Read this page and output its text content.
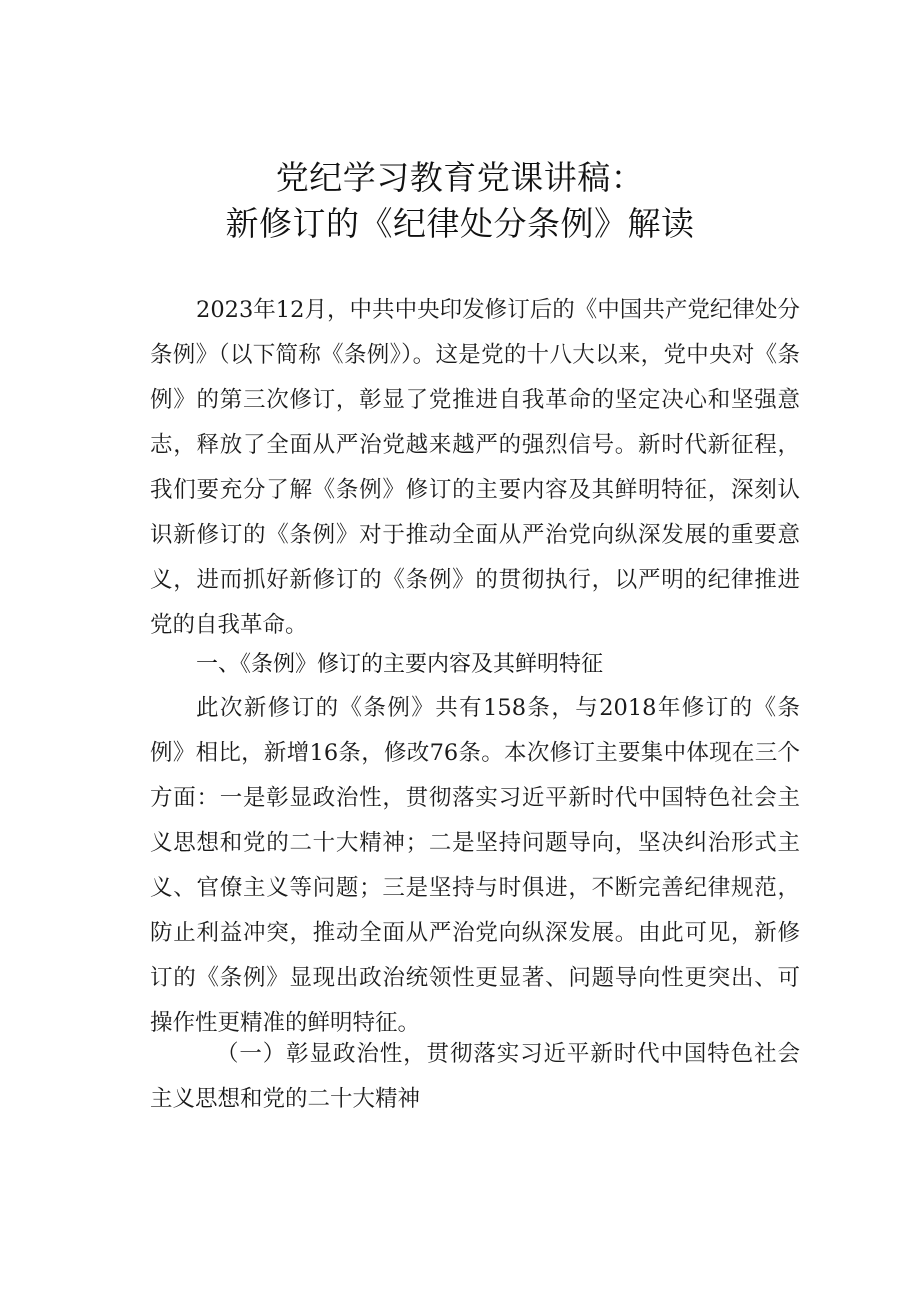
党纪学习教育党课讲稿：
新修订的《纪律处分条例》解读
2023年12月，中共中央印发修订后的《中国共产党纪律处分条例》（以下简称《条例》）。这是党的十八大以来，党中央对《条例》的第三次修订，彰显了党推进自我革命的坚定决心和坚强意志，释放了全面从严治党越来越严的强烈信号。新时代新征程，我们要充分了解《条例》修订的主要内容及其鲜明特征，深刻认识新修订的《条例》对于推动全面从严治党向纵深发展的重要意义，进而抓好新修订的《条例》的贯彻执行，以严明的纪律推进党的自我革命。
一、《条例》修订的主要内容及其鲜明特征
此次新修订的《条例》共有158条，与2018年修订的《条例》相比，新增16条，修改76条。本次修订主要集中体现在三个方面：一是彰显政治性，贯彻落实习近平新时代中国特色社会主义思想和党的二十大精神；二是坚持问题导向，坚决纠治形式主义、官僚主义等问题；三是坚持与时俱进，不断完善纪律规范，防止利益冲突，推动全面从严治党向纵深发展。由此可见，新修订的《条例》显现出政治统领性更显著、问题导向性更突出、可操作性更精准的鲜明特征。
（一）彰显政治性，贯彻落实习近平新时代中国特色社会主义思想和党的二十大精神
